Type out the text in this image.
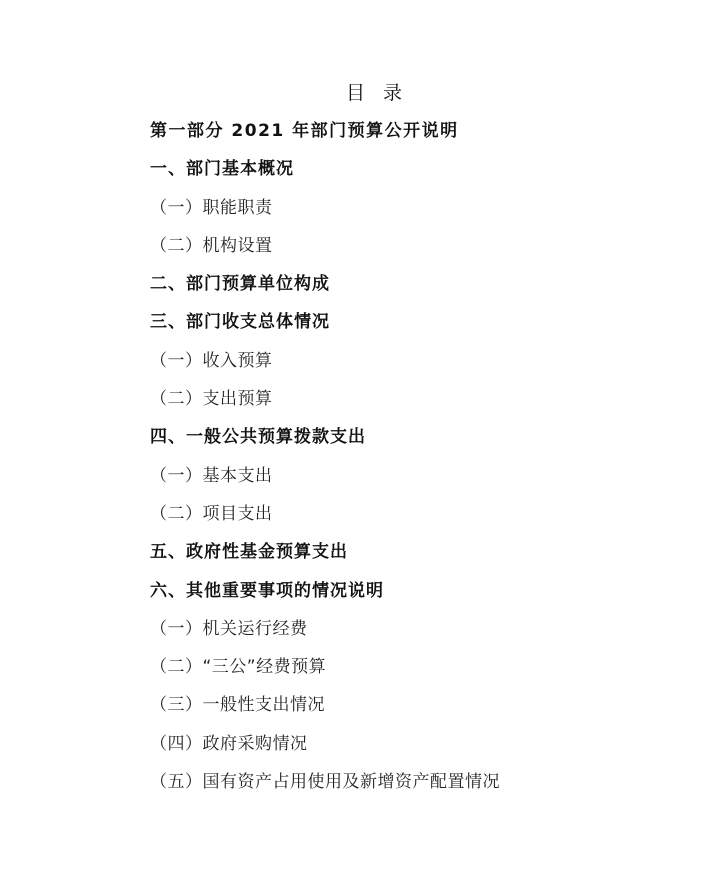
目 录
第一部分 2021 年部门预算公开说明
一、部门基本概况
（一）职能职责
（二）机构设置
二、部门预算单位构成
三、部门收支总体情况
（一）收入预算
（二）支出预算
四、一般公共预算拨款支出
（一）基本支出
（二）项目支出
五、政府性基金预算支出
六、其他重要事项的情况说明
（一）机关运行经费
（二）“三公”经费预算
（三）一般性支出情况
（四）政府采购情况
（五）国有资产占用使用及新增资产配置情况
